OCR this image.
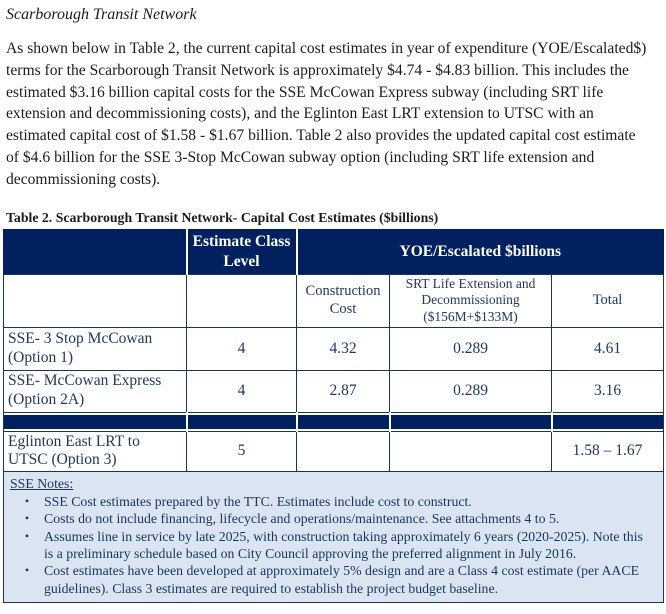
Scarborough Transit Network

As shown below in Table 2, the current capital cost estimates in year of expenditure (YOE/Escalated$) terms for the Scarborough Transit Network is approximately $4.74 - $4.83 billion. This includes the estimated $3.16 billion capital costs for the SSE McCowan Express subway (including SRT life extension and decommissioning costs), and the Eglinton East LRT extension to UTSC with an estimated capital cost of $1.58 - $1.67 billion. Table 2 also provides the updated capital cost estimate of $4.6 billion for the SSE 3-Stop McCowan subway option (including SRT life extension and decommissioning costs).

Table 2. Scarborough Transit Network- Capital Cost Estimates ($billions)
	Estimate Class Level	YOE/Escalated $billions		
		Construction Cost	SRT Life Extension and Decommissioning ($156M+$133M)	Total
SSE- 3 Stop McCowan (Option 1)	4	4.32	0.289	4.61
SSE- McCowan Express (Option 2A)	4	2.87	0.289	3.16

Eglinton East LRT to UTSC (Option 3)	5			1.58 – 1.67

SSE Notes:
•	SSE Cost estimates prepared by the TTC. Estimates include cost to construct.
•	Costs do not include financing, lifecycle and operations/maintenance. See attachments 4 to 5.
•	Assumes line in service by late 2025, with construction taking approximately 6 years (2020-2025). Note this is a preliminary schedule based on City Council approving the preferred alignment in July 2016.
•	Cost estimates have been developed at approximately 5% design and are a Class 4 cost estimate (per AACE guidelines). Class 3 estimates are required to establish the project budget baseline.
